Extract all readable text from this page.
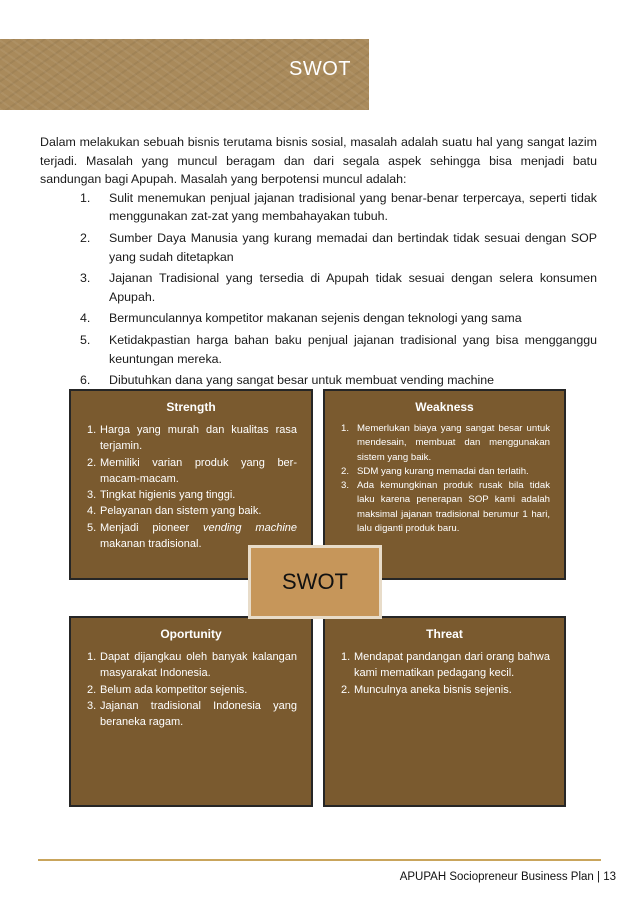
SWOT

Dalam melakukan sebuah bisnis terutama bisnis sosial, masalah adalah suatu hal yang sangat lazim terjadi. Masalah yang muncul beragam dan dari segala aspek sehingga bisa menjadi batu sandungan bagi Apupah. Masalah yang berpotensi muncul adalah:

1. Sulit menemukan penjual jajanan tradisional yang benar-benar terpercaya, seperti tidak menggunakan zat-zat yang membahayakan tubuh.
2. Sumber Daya Manusia yang kurang memadai dan bertindak tidak sesuai dengan SOP yang sudah ditetapkan
3. Jajanan Tradisional yang tersedia di Apupah tidak sesuai dengan selera konsumen Apupah.
4. Bermunculannya kompetitor makanan sejenis dengan teknologi yang sama
5. Ketidakpastian harga bahan baku penjual jajanan tradisional yang bisa mengganggu keuntungan mereka.
6. Dibutuhkan dana yang sangat besar untuk membuat vending machine
Strength
1. Harga yang murah dan kualitas rasa terjamin.
2. Memiliki varian produk yang ber-macam-macam.
3. Tingkat higienis yang tinggi.
4. Pelayanan dan sistem yang baik.
5. Menjadi pioneer vending machine makanan tradisional.
Weakness
1. Memerlukan biaya yang sangat besar untuk mendesain, membuat dan menggunakan sistem yang baik.
2. SDM yang kurang memadai dan terlatih.
3. Ada kemungkinan produk rusak bila tidak laku karena penerapan SOP kami adalah maksimal jajanan tradisional berumur 1 hari, lalu diganti produk baru.
Oportunity
1. Dapat dijangkau oleh banyak kalangan masyarakat Indonesia.
2. Belum ada kompetitor sejenis.
3. Jajanan tradisional Indonesia yang beraneka ragam.
Threat
1. Mendapat pandangan dari orang bahwa kami mematikan pedagang kecil.
2. Munculnya aneka bisnis sejenis.
SWOT
APUPAH Sociopreneur Business Plan | 13
